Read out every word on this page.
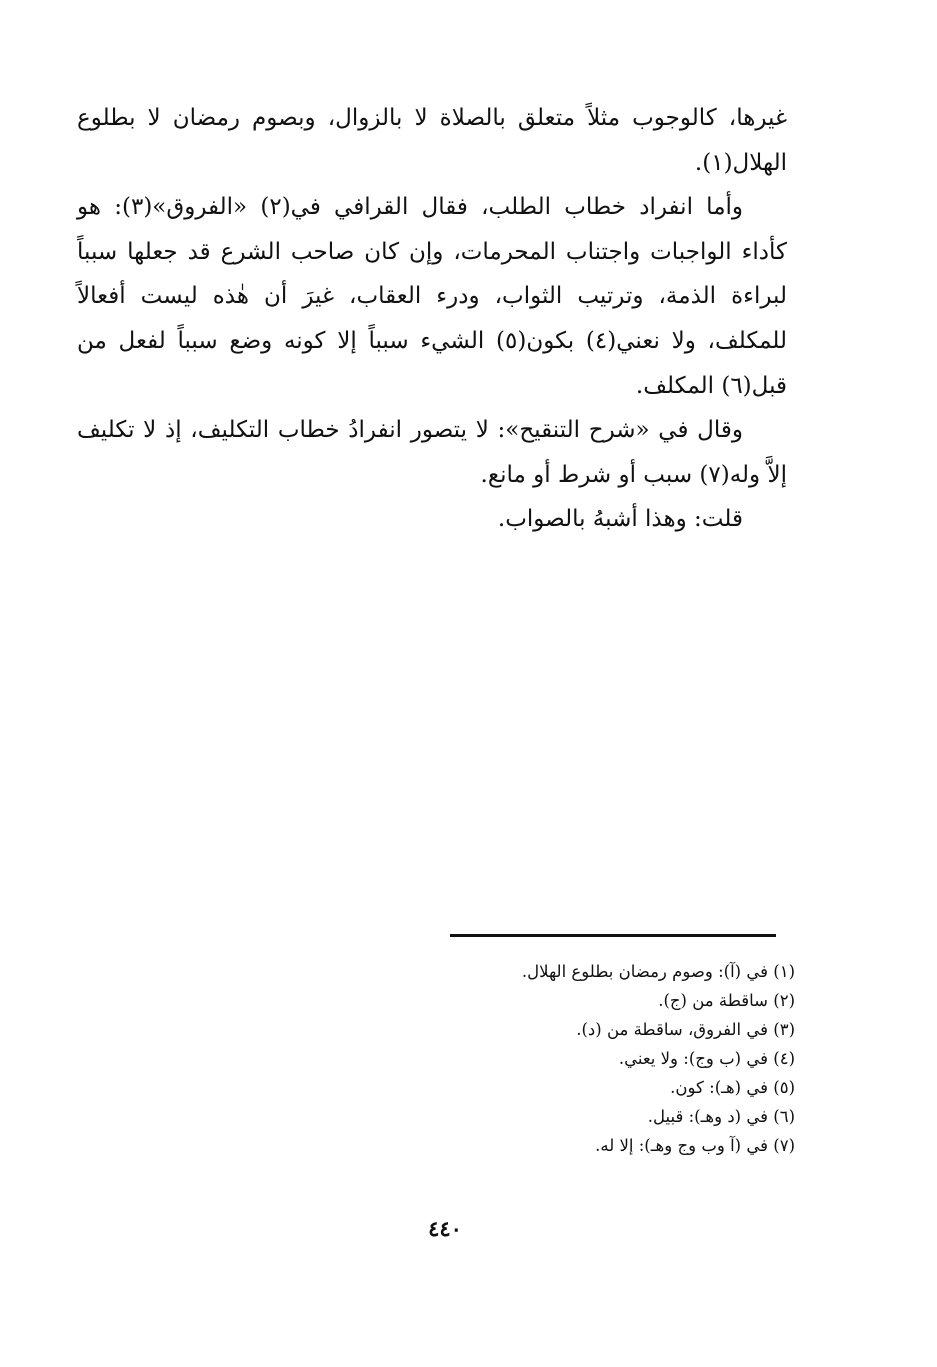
غيرها، كالوجوب مثلاً متعلق بالصلاة لا بالزوال، وبصوم رمضان لا بطلوع الهلال(١).

وأما انفراد خطاب الطلب، فقال القرافي في(٢) «الفروق»(٣): هو كأداء الواجبات واجتناب المحرمات، وإن كان صاحب الشرع قد جعلها سبباً لبراءة الذمة، وترتيب الثواب، ودرء العقاب، غيرَ أن هٰذه ليست أفعالاً للمكلف، ولا نعني(٤) بكون(٥) الشيء سبباً إلا كونه وضع سبباً لفعل من قبل(٦) المكلف.

وقال في «شرح التنقيح»: لا يتصور انفرادُ خطاب التكليف، إذ لا تكليف إلاَّ وله(٧) سبب أو شرط أو مانع.

قلت: وهذا أشبهُ بالصواب.

(١) في (آ): وصوم رمضان بطلوع الهلال.
(٢) ساقطة من (ج).
(٣) في الفروق، ساقطة من (د).
(٤) في (ب وج): ولا يعني.
(٥) في (هـ): كون.
(٦) في (د وهـ): قبيل.
(٧) في (آ وب وج وهـ): إلا له.
٤٤٠
